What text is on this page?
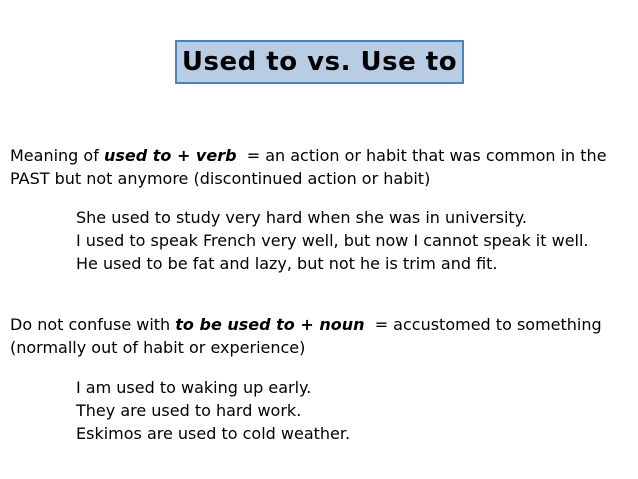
Used to vs. Use to
Meaning of used to + verb  = an action or habit that was common in the
PAST but not anymore (discontinued action or habit)
She used to study very hard when she was in university.
I used to speak French very well, but now I cannot speak it well.
He used to be fat and lazy, but not he is trim and fit.
Do not confuse with to be used to + noun  = accustomed to something
(normally out of habit or experience)
I am used to waking up early.
They are used to hard work.
Eskimos are used to cold weather.
